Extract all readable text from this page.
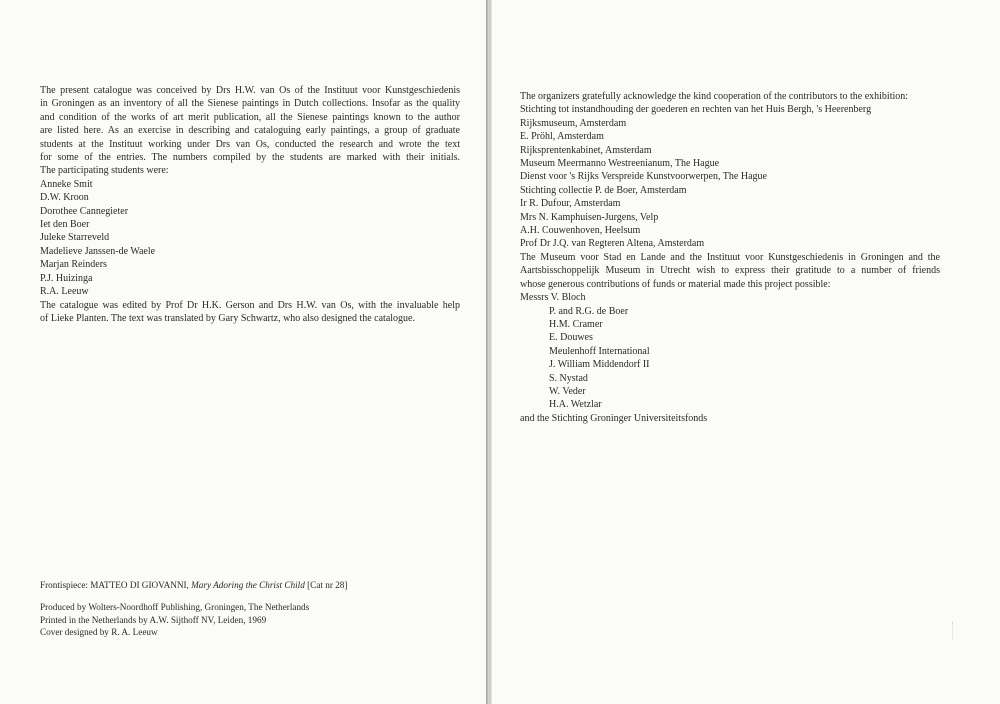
The present catalogue was conceived by Drs H.W. van Os of the Instituut voor Kunstgeschiedenis
in Groningen as an inventory of all the Sienese paintings in Dutch collections. Insofar as the quality
and condition of the works of art merit publication, all the Sienese paintings known to the author
are listed here. As an exercise in describing and cataloguing early paintings, a group of graduate
students at the Instituut working under Drs van Os, conducted the research and wrote the text
for some of the entries. The numbers compiled by the students are marked with their initials.
The participating students were:
Anneke Smit
D.W. Kroon
Dorothee Cannegieter
Iet den Boer
Juleke Starreveld
Madelieve Janssen-de Waele
Marjan Reinders
P.J. Huizinga
R.A. Leeuw
The catalogue was edited by Prof Dr H.K. Gerson and Drs H.W. van Os, with the invaluable help
of Lieke Planten. The text was translated by Gary Schwartz, who also designed the catalogue.
Frontispiece: MATTEO DI GIOVANNI, Mary Adoring the Christ Child [Cat nr 28]
Produced by Wolters-Noordhoff Publishing, Groningen, The Netherlands
Printed in the Netherlands by A.W. Sijthoff NV, Leiden, 1969
Cover designed by R. A. Leeuw
The organizers gratefully acknowledge the kind cooperation of the contributors to the exhibition:
Stichting tot instandhouding der goederen en rechten van het Huis Bergh, 's Heerenberg
Rijksmuseum, Amsterdam
E. Pröhl, Amsterdam
Rijksprentenkabinet, Amsterdam
Museum Meermanno Westreenianum, The Hague
Dienst voor 's Rijks Verspreide Kunstvoorwerpen, The Hague
Stichting collectie P. de Boer, Amsterdam
Ir R. Dufour, Amsterdam
Mrs N. Kamphuisen-Jurgens, Velp
A.H. Couwenhoven, Heelsum
Prof Dr J.Q. van Regteren Altena, Amsterdam
The Museum voor Stad en Lande and the Instituut voor Kunstgeschiedenis in Groningen and the
Aartsbisschoppelijk Museum in Utrecht wish to express their gratitude to a number of friends
whose generous contributions of funds or material made this project possible:
Messrs V. Bloch
P. and R.G. de Boer
H.M. Cramer
E. Douwes
Meulenhoff International
J. William Middendorf II
S. Nystad
W. Veder
H.A. Wetzlar
and the Stichting Groninger Universiteitsfonds
